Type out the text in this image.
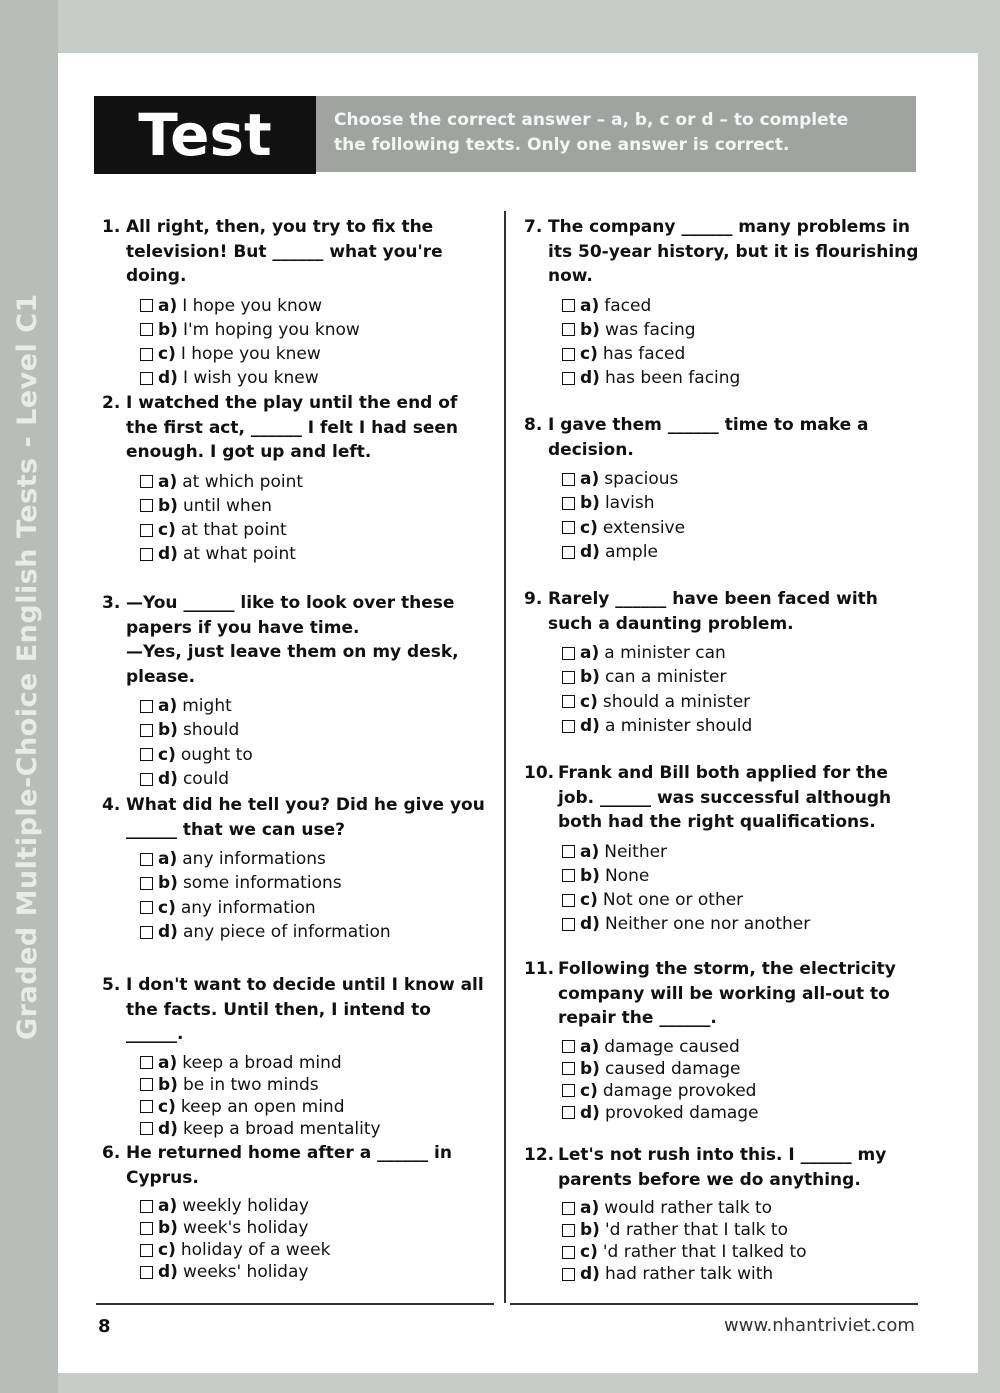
Graded Multiple-Choice English Tests - Level C1
Test 1b
Choose the correct answer – a, b, c or d – to complete
the following texts. Only one answer is correct.
1. All right, then, you try to fix the television! But ______ what you're doing.
a) I hope you know
b) I'm hoping you know
c) I hope you knew
d) I wish you knew
2. I watched the play until the end of the first act, ______ I felt I had seen enough. I got up and left.
a) at which point
b) until when
c) at that point
d) at what point
3. —You ______ like to look over these papers if you have time.
—Yes, just leave them on my desk, please.
a) might
b) should
c) ought to
d) could
4. What did he tell you? Did he give you ______ that we can use?
a) any informations
b) some informations
c) any information
d) any piece of information
5. I don't want to decide until I know all the facts. Until then, I intend to ______.
a) keep a broad mind
b) be in two minds
c) keep an open mind
d) keep a broad mentality
6. He returned home after a ______ in Cyprus.
a) weekly holiday
b) week's holiday
c) holiday of a week
d) weeks' holiday
7. The company ______ many problems in its 50-year history, but it is flourishing now.
a) faced
b) was facing
c) has faced
d) has been facing
8. I gave them ______ time to make a decision.
a) spacious
b) lavish
c) extensive
d) ample
9. Rarely ______ have been faced with such a daunting problem.
a) a minister can
b) can a minister
c) should a minister
d) a minister should
10. Frank and Bill both applied for the job. ______ was successful although both had the right qualifications.
a) Neither
b) None
c) Not one or other
d) Neither one nor another
11. Following the storm, the electricity company will be working all-out to repair the ______.
a) damage caused
b) caused damage
c) damage provoked
d) provoked damage
12. Let's not rush into this. I ______ my parents before we do anything.
a) would rather talk to
b) 'd rather that I talk to
c) 'd rather that I talked to
d) had rather talk with
8	www.nhantriviet.com
